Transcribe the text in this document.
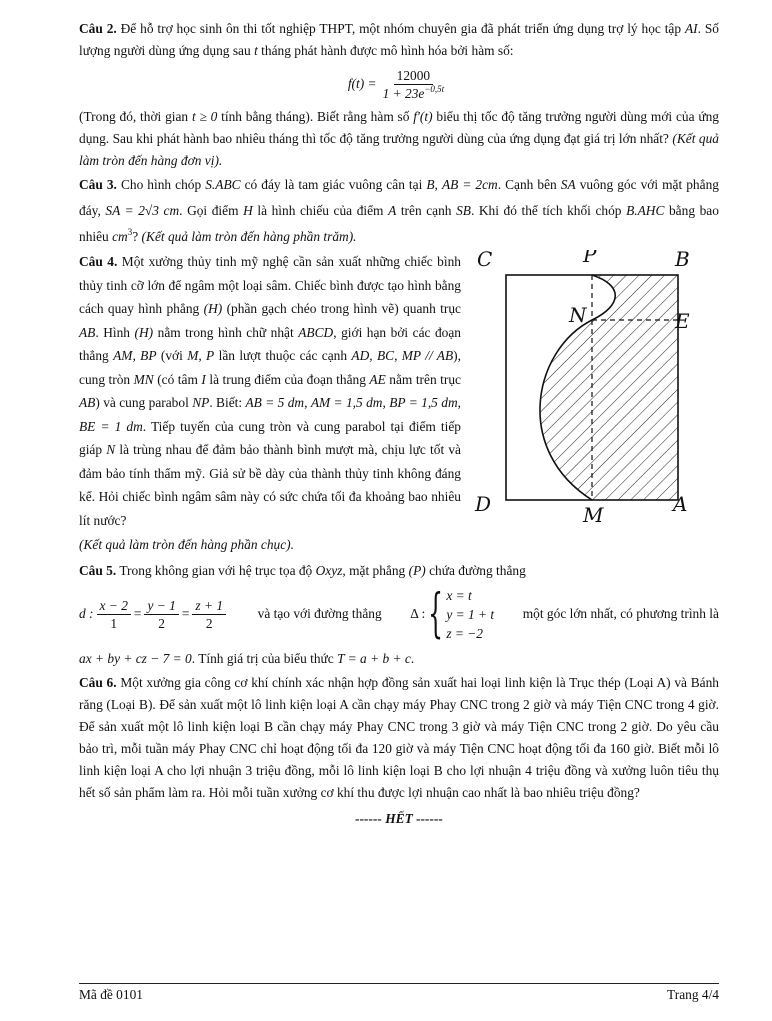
Câu 2. Để hỗ trợ học sinh ôn thi tốt nghiệp THPT, một nhóm chuyên gia đã phát triển ứng dụng trợ lý học tập AI. Số lượng người dùng ứng dụng sau t tháng phát hành được mô hình hóa bởi hàm số:

$f(t) = \frac{12000}{1 + 23e^{-0,5t}}$

(Trong đó, thời gian t ≥ 0 tính bằng tháng). Biết rằng hàm số f′(t) biểu thị tốc độ tăng trưởng người dùng mới của ứng dụng. Sau khi phát hành bao nhiêu tháng thì tốc độ tăng trưởng người dùng của ứng dụng đạt giá trị lớn nhất? (Kết quả làm tròn đến hàng đơn vị).

Câu 3. Cho hình chóp S.ABC có đáy là tam giác vuông cân tại B, AB = 2cm. Cạnh bên SA vuông góc với mặt phẳng đáy, SA = 2√3 cm. Gọi điểm H là hình chiếu của điểm A trên cạnh SB. Khi đó thể tích khối chóp B.AHC bằng bao nhiêu $cm^3$? (Kết quả làm tròn đến hàng phần trăm).

Câu 4. Một xưởng thủy tinh mỹ nghệ cần sản xuất những chiếc bình thủy tinh cỡ lớn để ngâm một loại sâm. Chiếc bình được tạo hình bằng cách quay hình phẳng (H) (phần gạch chéo trong hình vẽ) quanh trục AB. Hình (H) nằm trong hình chữ nhật ABCD, giới hạn bởi các đoạn thẳng AM, BP (với M, P lần lượt thuộc các cạnh AD, BC, MP // AB), cung tròn MN (có tâm I là trung điểm của đoạn thẳng AE nằm trên trục AB) và cung parabol NP. Biết: AB = 5 dm, AM = 1,5 dm, BP = 1,5 dm, BE = 1 dm. Tiếp tuyến của cung tròn và cung parabol tại điểm tiếp giáp N là trùng nhau để đảm bảo thành bình mượt mà, chịu lực tốt và đảm bảo tính thẩm mỹ. Giả sử bề dày của thành thủy tinh không đáng kể. Hỏi chiếc bình ngâm sâm này có sức chứa tối đa khoảng bao nhiêu lít nước?

C	P	B
N	E
D	M	A

(Kết quả làm tròn đến hàng phần chục).

Câu 5. Trong không gian với hệ trục tọa độ Oxyz, mặt phẳng (P) chứa đường thẳng

d : $\frac{x - 2}{1} = \frac{y - 1}{2} = \frac{z + 1}{2}$ và tạo với đường thẳng Δ : { x = t
y = 1 + t
z = −2
một góc lớn nhất, có phương trình là

ax + by + cz − 7 = 0. Tính giá trị của biểu thức T = a + b + c.

Câu 6. Một xưởng gia công cơ khí chính xác nhận hợp đồng sản xuất hai loại linh kiện là Trục thép (Loại A) và Bánh răng (Loại B). Để sản xuất một lô linh kiện loại A cần chạy máy Phay CNC trong 2 giờ và máy Tiện CNC trong 4 giờ. Để sản xuất một lô linh kiện loại B cần chạy máy Phay CNC trong 3 giờ và máy Tiện CNC trong 2 giờ. Do yêu cầu bảo trì, mỗi tuần máy Phay CNC chỉ hoạt động tối đa 120 giờ và máy Tiện CNC hoạt động tối đa 160 giờ. Biết mỗi lô linh kiện loại A cho lợi nhuận 3 triệu đồng, mỗi lô linh kiện loại B cho lợi nhuận 4 triệu đồng và xưởng luôn tiêu thụ hết số sản phẩm làm ra. Hỏi mỗi tuần xưởng cơ khí thu được lợi nhuận cao nhất là bao nhiêu triệu đồng?

------ HẾT ------

Mã đề 0101	Trang 4/4
